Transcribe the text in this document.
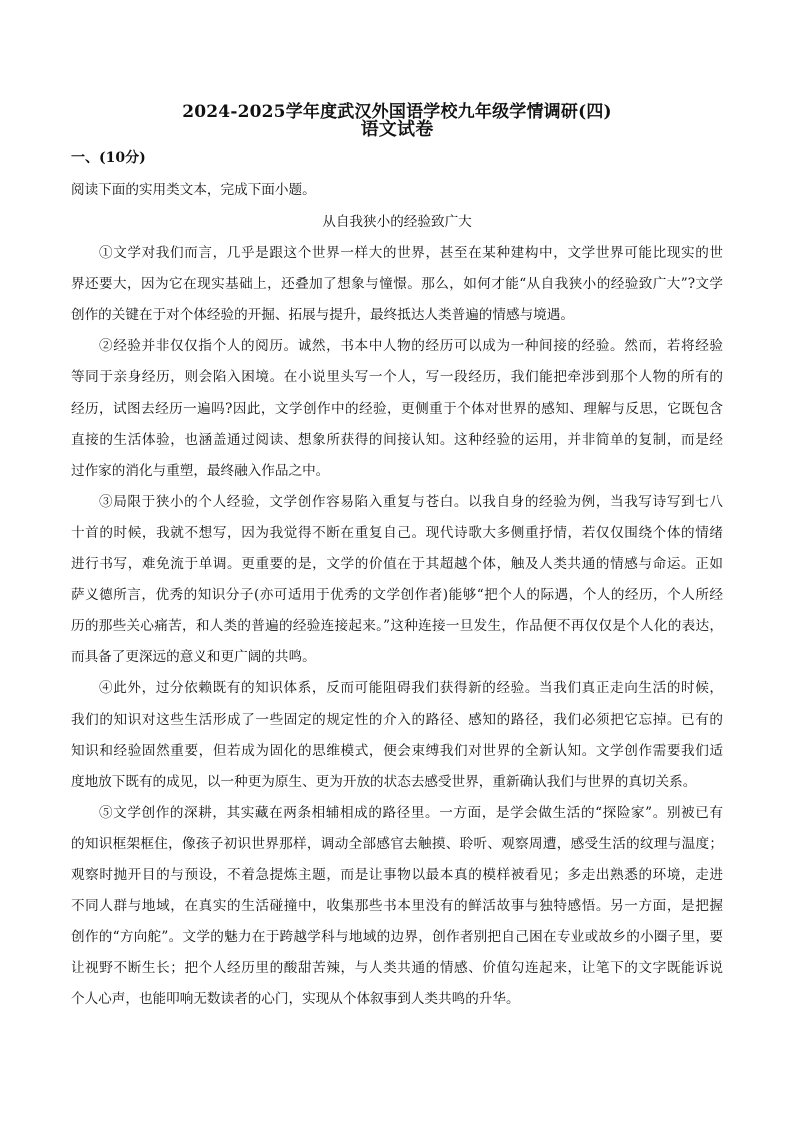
2024-2025学年度武汉外国语学校九年级学情调研(四)
语文试卷
一、(10分)
阅读下面的实用类文本，完成下面小题。
从自我狭小的经验致广大
①文学对我们而言，几乎是跟这个世界一样大的世界，甚至在某种建构中，文学世界可能比现实的世
界还要大，因为它在现实基础上，还叠加了想象与憧憬。那么，如何才能“从自我狭小的经验致广大”?文学
创作的关键在于对个体经验的开掘、拓展与提升，最终抵达人类普遍的情感与境遇。
②经验并非仅仅指个人的阅历。诚然，书本中人物的经历可以成为一种间接的经验。然而，若将经验
等同于亲身经历，则会陷入困境。在小说里头写一个人，写一段经历，我们能把牵涉到那个人物的所有的
经历，试图去经历一遍吗?因此，文学创作中的经验，更侧重于个体对世界的感知、理解与反思，它既包含
直接的生活体验，也涵盖通过阅读、想象所获得的间接认知。这种经验的运用，并非简单的复制，而是经
过作家的消化与重塑，最终融入作品之中。
③局限于狭小的个人经验，文学创作容易陷入重复与苍白。以我自身的经验为例，当我写诗写到七八
十首的时候，我就不想写，因为我觉得不断在重复自己。现代诗歌大多侧重抒情，若仅仅围绕个体的情绪
进行书写，难免流于单调。更重要的是，文学的价值在于其超越个体，触及人类共通的情感与命运。正如
萨义德所言，优秀的知识分子(亦可适用于优秀的文学创作者)能够“把个人的际遇，个人的经历，个人所经
历的那些关心痛苦，和人类的普遍的经验连接起来。”这种连接一旦发生，作品便不再仅仅是个人化的表达，
而具备了更深远的意义和更广阔的共鸣。
④此外，过分依赖既有的知识体系，反而可能阻碍我们获得新的经验。当我们真正走向生活的时候，
我们的知识对这些生活形成了一些固定的规定性的介入的路径、感知的路径，我们必须把它忘掉。已有的
知识和经验固然重要，但若成为固化的思维模式，便会束缚我们对世界的全新认知。文学创作需要我们适
度地放下既有的成见，以一种更为原生、更为开放的状态去感受世界，重新确认我们与世界的真切关系。
⑤文学创作的深耕，其实藏在两条相辅相成的路径里。一方面，是学会做生活的“探险家”。别被已有
的知识框架框住，像孩子初识世界那样，调动全部感官去触摸、聆听、观察周遭，感受生活的纹理与温度；
观察时抛开目的与预设，不着急提炼主题，而是让事物以最本真的模样被看见；多走出熟悉的环境，走进
不同人群与地域，在真实的生活碰撞中，收集那些书本里没有的鲜活故事与独特感悟。另一方面，是把握
创作的“方向舵”。文学的魅力在于跨越学科与地域的边界，创作者别把自己困在专业或故乡的小圈子里，要
让视野不断生长；把个人经历里的酸甜苦辣，与人类共通的情感、价值勾连起来，让笔下的文字既能诉说
个人心声，也能叩响无数读者的心门，实现从个体叙事到人类共鸣的升华。
